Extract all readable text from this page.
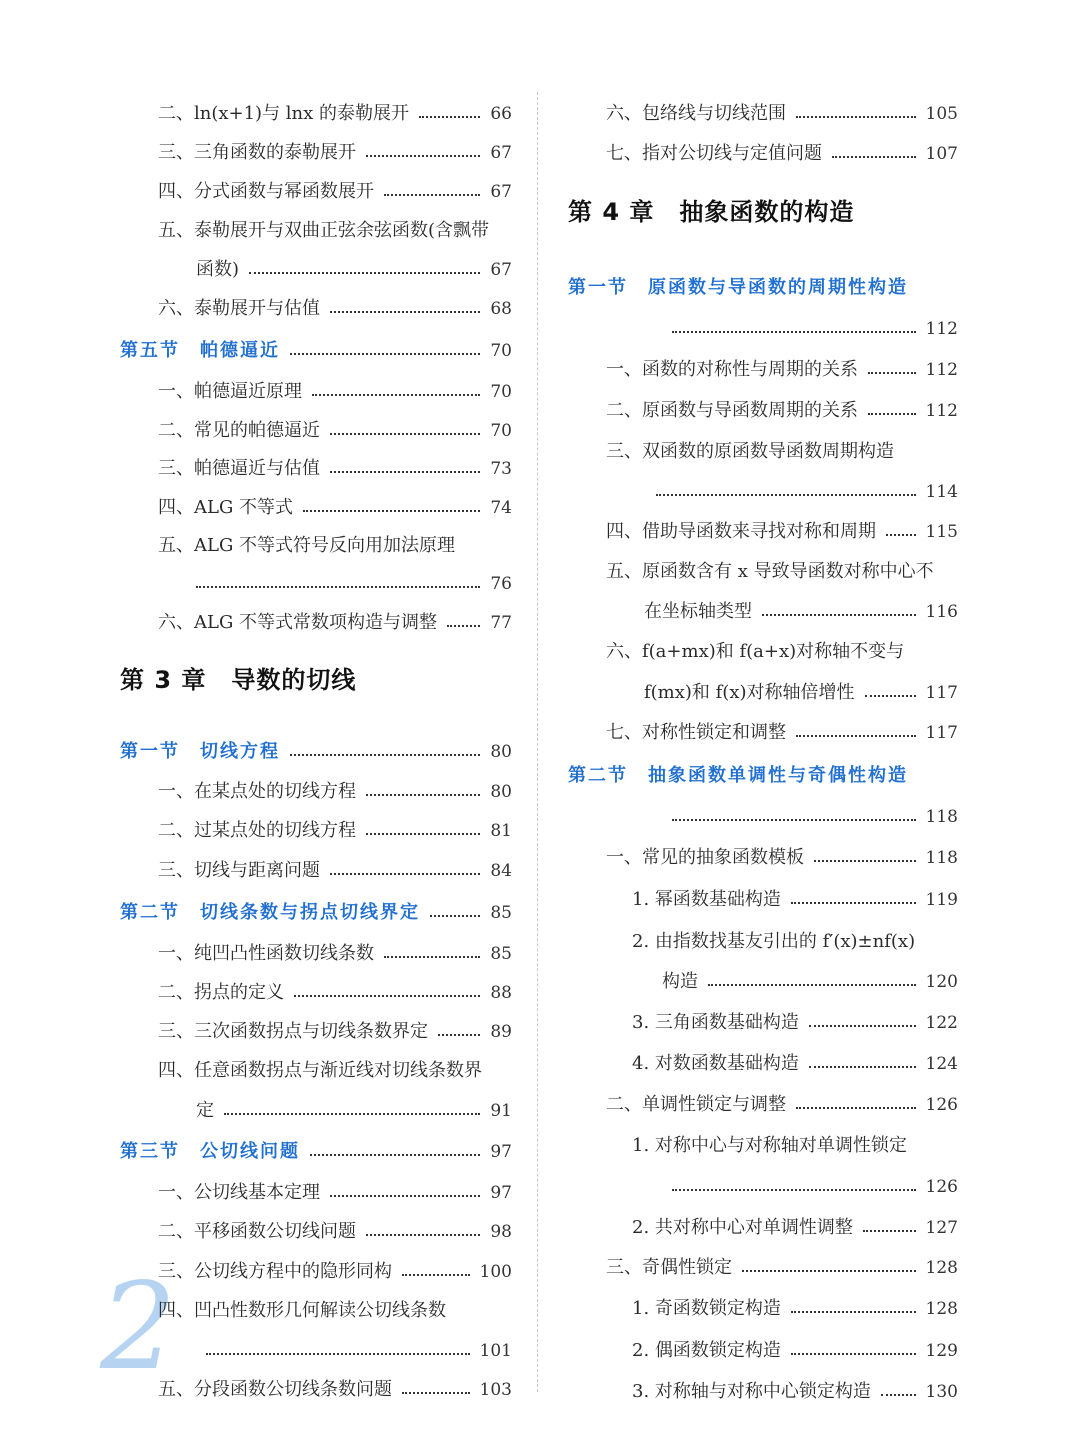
2
二、ln(x+1)与 lnx 的泰勒展开	66
三、三角函数的泰勒展开	67
四、分式函数与幂函数展开	67
五、泰勒展开与双曲正弦余弦函数(含飘带
函数)	67
六、泰勒展开与估值	68
第五节　帕德逼近	70
一、帕德逼近原理	70
二、常见的帕德逼近	70
三、帕德逼近与估值	73
四、ALG 不等式	74
五、ALG 不等式符号反向用加法原理
76
六、ALG 不等式常数项构造与调整	77
第 3 章　导数的切线
第一节　切线方程	80
一、在某点处的切线方程	80
二、过某点处的切线方程	81
三、切线与距离问题	84
第二节　切线条数与拐点切线界定	85
一、纯凹凸性函数切线条数	85
二、拐点的定义	88
三、三次函数拐点与切线条数界定	89
四、任意函数拐点与渐近线对切线条数界
定	91
第三节　公切线问题	97
一、公切线基本定理	97
二、平移函数公切线问题	98
三、公切线方程中的隐形同构	100
四、凹凸性数形几何解读公切线条数
101
五、分段函数公切线条数问题	103
六、包络线与切线范围	105
七、指对公切线与定值问题	107
第 4 章　抽象函数的构造
第一节　原函数与导函数的周期性构造
112
一、函数的对称性与周期的关系	112
二、原函数与导函数周期的关系	112
三、双函数的原函数导函数周期构造
114
四、借助导函数来寻找对称和周期	115
五、原函数含有 x 导致导函数对称中心不
在坐标轴类型	116
六、f(a+mx)和 f(a+x)对称轴不变与
f(mx)和 f(x)对称轴倍增性	117
七、对称性锁定和调整	117
第二节　抽象函数单调性与奇偶性构造
118
一、常见的抽象函数模板	118
1. 幂函数基础构造	119
2. 由指数找基友引出的 f′(x)±nf(x)
构造	120
3. 三角函数基础构造	122
4. 对数函数基础构造	124
二、单调性锁定与调整	126
1. 对称中心与对称轴对单调性锁定
126
2. 共对称中心对单调性调整	127
三、奇偶性锁定	128
1. 奇函数锁定构造	128
2. 偶函数锁定构造	129
3. 对称轴与对称中心锁定构造	130
